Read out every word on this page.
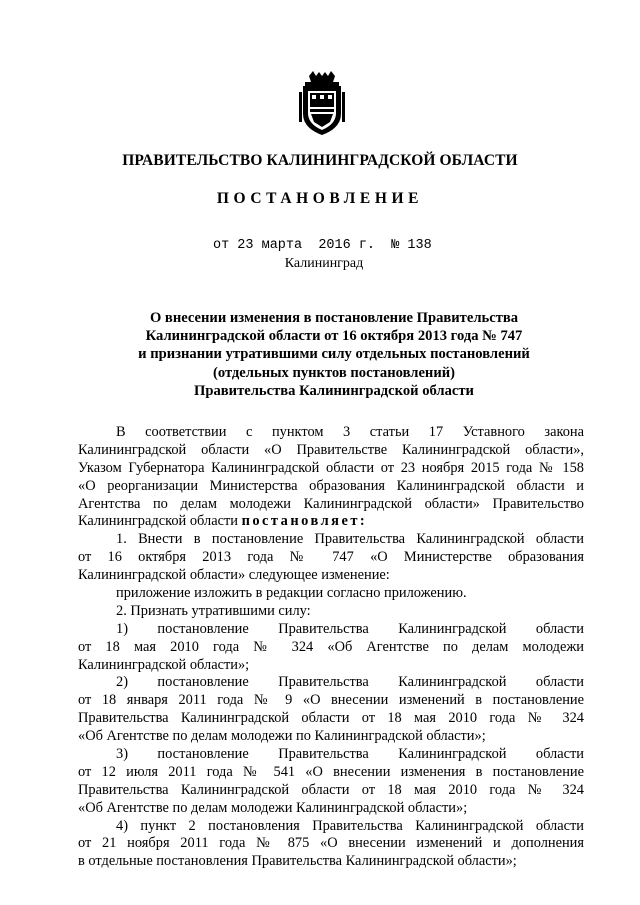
ПРАВИТЕЛЬСТВО КАЛИНИНГРАДСКОЙ ОБЛАСТИ
ПОСТАНОВЛЕНИЕ
от 23 марта  2016 г.  № 138
Калининград
О внесении изменения в постановление Правительства
Калининградской области от 16 октября 2013 года № 747
и признании утратившими силу отдельных постановлений
(отдельных пунктов постановлений)
Правительства Калининградской области
В соответствии с пунктом 3 статьи 17 Уставного закона
Калининградской области «О Правительстве Калининградской области»,
Указом Губернатора Калининградской области от 23 ноября 2015 года № 158
«О реорганизации Министерства образования Калининградской области и
Агентства по делам молодежи Калининградской области» Правительство
Калининградской области постановляет:
1. Внести в постановление Правительства Калининградской области
от 16 октября 2013 года № 747 «О Министерстве образования
Калининградской области» следующее изменение:
приложение изложить в редакции согласно приложению.
2. Признать утратившими силу:
1) постановление Правительства Калининградской области
от 18 мая 2010 года № 324 «Об Агентстве по делам молодежи
Калининградской области»;
2) постановление Правительства Калининградской области
от 18 января 2011 года № 9 «О внесении изменений в постановление
Правительства Калининградской области от 18 мая 2010 года № 324
«Об Агентстве по делам молодежи по Калининградской области»;
3) постановление Правительства Калининградской области
от 12 июля 2011 года № 541 «О внесении изменения в постановление
Правительства Калининградской области от 18 мая 2010 года № 324
«Об Агентстве по делам молодежи Калининградской области»;
4) пункт 2 постановления Правительства Калининградской области
от 21 ноября 2011 года № 875 «О внесении изменений и дополнения
в отдельные постановления Правительства Калининградской области»;
